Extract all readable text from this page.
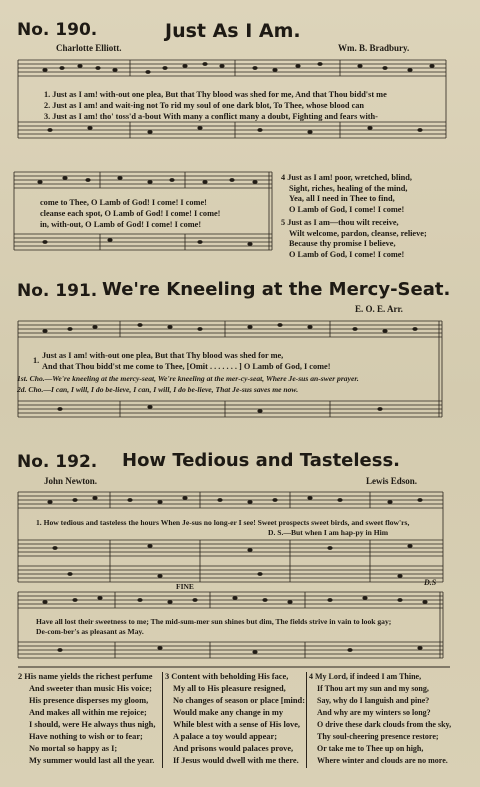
No. 190.	Just As I Am.
Charlotte Elliott.	Wm. B. Bradbury.
1. Just as I am! with-out one plea, But that Thy blood was shed for me, And that Thou bidd'st me
2. Just as I am! and wait-ing not To rid my soul of one dark blot, To Thee, whose blood can
3. Just as I am! tho' toss'd a-bout With many a conflict many a doubt, Fighting and fears with-
come to Thee, O Lamb of God! I come! I come!
cleanse each spot, O Lamb of God! I come! I come!
in, with-out, O Lamb of God! I come! I come!
4 Just as I am! poor, wretched, blind,
Sight, riches, healing of the mind,
Yea, all I need in Thee to find,
O Lamb of God, I come! I come!
5 Just as I am—thou wilt receive,
Wilt welcome, pardon, cleanse, relieve;
Because thy promise I believe,
O Lamb of God, I come! I come!
No. 191. We're Kneeling at the Mercy-Seat.
E. O. E. Arr.
1.
Just as I am! with-out one plea, But that Thy blood was shed for me,
And that Thou bidd'st me come to Thee, [Omit . . . . . . . ] O Lamb of God, I come!
1st. Cho.—We're kneeling at the mercy-seat, We're kneeling at the mer-cy-seat, Where Je-sus an-swer prayer.
2d. Cho.—I can, I will, I do be-lieve, I can, I will, I do be-lieve, That Je-sus saves me now.
No. 192. How Tedious and Tasteless.
John Newton.	Lewis Edson.
1. How tedious and tasteless the hours When Je-sus no long-er I see! Sweet prospects sweet birds, and sweet flow'rs,
D. S.—But when I am hap-py in Him
FINE	D.S
Have all lost their sweetness to me; The mid-sum-mer sun shines but dim, The fields strive in vain to look gay;
De-com-ber's as pleasant as May.
2 His name yields the richest perfume
And sweeter than music His voice;
His presence disperses my gloom,
And makes all within me rejoice;
I should, were He always thus nigh,
Have nothing to wish or to fear;
No mortal so happy as I;
My summer would last all the year.
3 Content with beholding His face,
My all to His pleasure resigned,
No changes of season or place [mind:
Would make any change in my
While blest with a sense of His love,
A palace a toy would appear;
And prisons would palaces prove,
If Jesus would dwell with me there.
4 My Lord, if indeed I am Thine,
If Thou art my sun and my song,
Say, why do I languish and pine?
And why are my winters so long?
O drive these dark clouds from the sky,
Thy soul-cheering presence restore;
Or take me to Thee up on high,
Where winter and clouds are no more.
